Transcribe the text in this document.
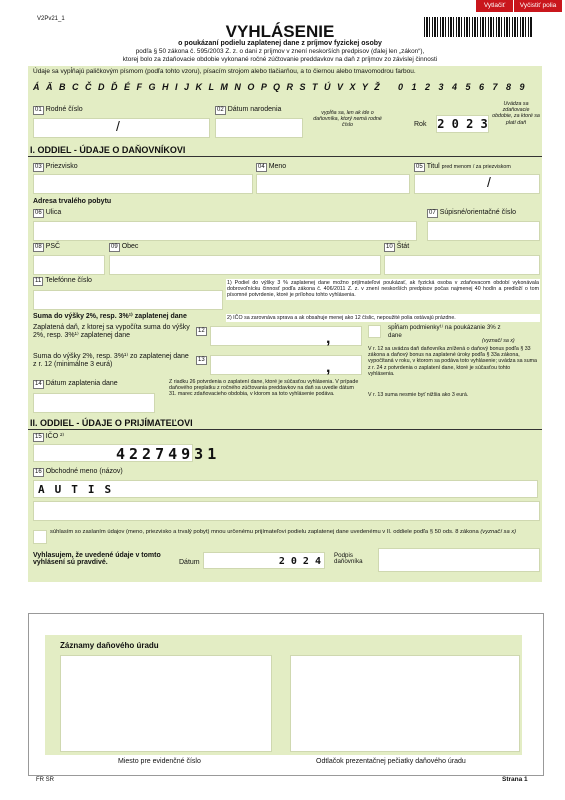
Vytlačiť	Vyčistiť polia
V2Pv21_1
VYHLÁSENIE
o poukázaní podielu zaplatenej dane z príjmov fyzickej osoby
podľa § 50 zákona č. 595/2003 Z. z. o dani z príjmov v znení neskorších predpisov (ďalej len „zákon“),
ktorej bolo za zdaňovacie obdobie vykonané ročné zúčtovanie preddavkov na daň z príjmov zo závislej činnosti
Údaje sa vypĺňajú paličkovým písmom (podľa tohto vzoru), písacím strojom alebo tlačiarňou, a to čiernou alebo tmavomodrou farbou.
Á Ä B C Č D Ď É F G H I J K L M N O P Q R S T Ú V X Y Ž 0 1 2 3 4 5 6 7 8 9
01 Rodné číslo
/
02 Dátum narodenia	vypĺňa sa, len ak ide o daňovníka, ktorý nemá rodné číslo	Rok 2 0 2 3
Uvádza sa zdaňovacie obdobie, za ktoré sa platí daň
I. ODDIEL - ÚDAJE O DAŇOVNÍKOVI
03 Priezvisko	04 Meno	05 Titul pred menom / za priezviskom
/
Adresa trvalého pobytu
06 Ulica	07 Súpisné/orientačné číslo
08 PSČ	09 Obec	10 Štát
11 Telefónne číslo	1) Podiel do výšky 3 % zaplatenej dane možno prijímateľovi poukázať, ak fyzická osoba v zdaňovacom období vykonávala dobrovoľnícku činnosť podľa zákona č. 406/2011 Z. z. v znení neskorších predpisov počas najmenej 40 hodín a predloží o tom písomné potvrdenie, ktoré je prílohou tohto vyhlásenia.
2) IČO sa zarovnáva sprava a ak obsahuje menej ako 12 číslic, nepoužité polia ostávajú prázdne.
Suma do výšky 2%, resp. 3%¹⁾ zaplatenej dane
Zaplatená daň, z ktorej sa vypočíta suma do výšky 2%, resp. 3%¹⁾ zaplatenej dane
12	,
Suma do výšky 2%, resp. 3%¹⁾ zo zaplatenej dane z r. 12 (minimálne 3 eurá)
13	,
spĺňam podmienky¹⁾ na poukázanie 3% z dane
(vyznačí sa x)
V r. 12 sa uvádza daň daňovníka znížená o daňový bonus podľa § 33 zákona a daňový bonus na zaplatené úroky podľa § 33a zákona, vypočítaná v roku, v ktorom sa podáva toto vyhlásenie; uvádza sa suma z r. 24 z potvrdenia o zaplatení dane, ktoré je súčasťou tohto vyhlásenia.
V r. 13 suma nesmie byť nižšia ako 3 eurá.
14 Dátum zaplatenia dane	Z riadku 26 potvrdenia o zaplatení dane, ktoré je súčasťou vyhlásenia. V prípade daňového preplatku z ročného zúčtovania preddavkov na daň sa uvedie dátum 31. marec zdaňovacieho obdobia, v ktorom sa toto vyhlásenie podáva.
II. ODDIEL - ÚDAJE O PRIJÍMATEĽOVI
15 IČO ²⁾
42274931
16 Obchodné meno (názov)
AUTIS
súhlasím so zaslaním údajov (meno, priezvisko a trvalý pobyt) mnou určenému prijímateľovi podielu zaplatenej dane uvedenému v II. oddiele podľa § 50 ods. 8 zákona (vyznačí sa x)
Vyhlasujem, že uvedené údaje v tomto vyhlásení sú pravdivé.	Dátum	2 0 2 4
Podpis daňovníka
Záznamy daňového úradu
Miesto pre evidenčné číslo	Odtlačok prezentačnej pečiatky daňového úradu
FR SR	Strana 1
